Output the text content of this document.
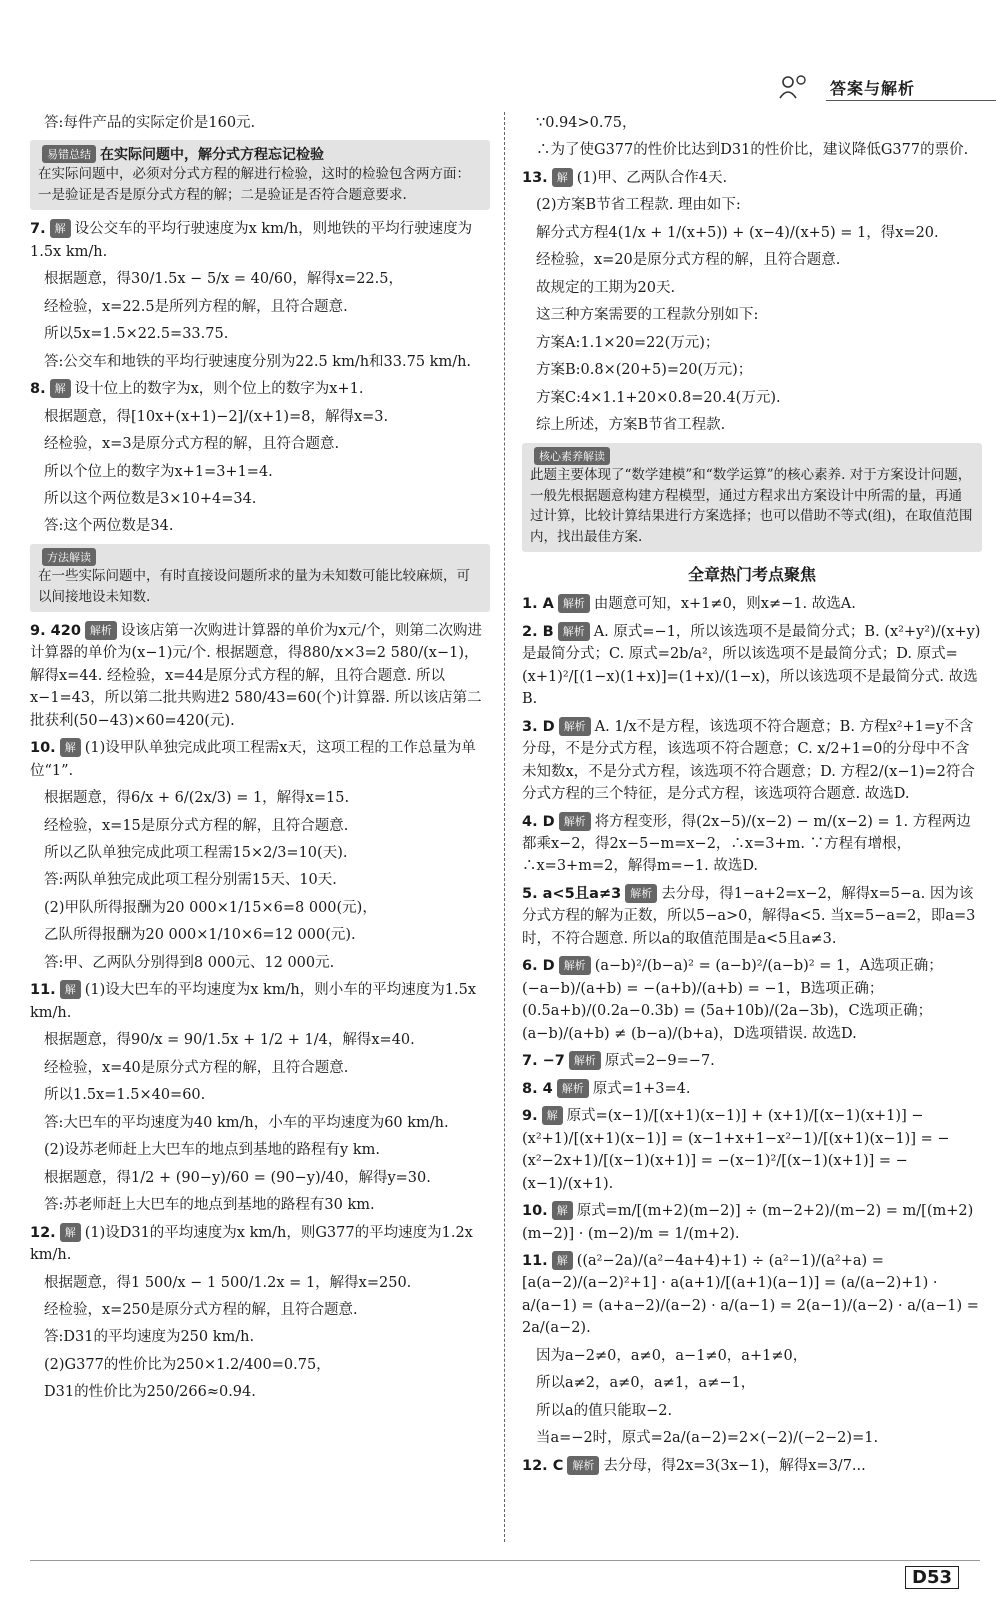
答案与解析
答:每件产品的实际定价是160元.
易错总结 在实际问题中，解分式方程忘记检验
在实际问题中，必须对分式方程的解进行检验，这时的检验包含两方面：一是验证是否是原分式方程的解；二是验证是否符合题意要求.
7. 解 设公交车的平均行驶速度为x km/h，则地铁的平均行驶速度为1.5x km/h.
根据题意，得30/1.5x − 5/x = 40/60，解得x=22.5，
经检验，x=22.5是所列方程的解，且符合题意.
所以5x=1.5×22.5=33.75.
答:公交车和地铁的平均行驶速度分别为22.5 km/h和33.75 km/h.
8. 解 设十位上的数字为x，则个位上的数字为x+1.
根据题意，得[10x+(x+1)−2]/(x+1)=8，解得x=3.
经检验，x=3是原分式方程的解，且符合题意.
所以个位上的数字为x+1=3+1=4.
所以这个两位数是3×10+4=34.
答:这个两位数是34.
方法解读
在一些实际问题中，有时直接设问题所求的量为未知数可能比较麻烦，可以间接地设未知数.
9. 420 解析 设该店第一次购进计算器的单价为x元/个，则第二次购进计算器的单价为(x−1)元/个. 根据题意，得880/x×3=2 580/(x−1)，解得x=44. 经检验，x=44是原分式方程的解，且符合题意. 所以x−1=43，所以第二批共购进2 580/43=60(个)计算器. 所以该店第二批获利(50−43)×60=420(元).
10. 解 (1)设甲队单独完成此项工程需x天，这项工程的工作总量为单位“1”.
根据题意，得6/x + 6/(2x/3) = 1，解得x=15.
经检验，x=15是原分式方程的解，且符合题意.
所以乙队单独完成此项工程需15×2/3=10(天).
答:两队单独完成此项工程分别需15天、10天.
(2)甲队所得报酬为20 000×1/15×6=8 000(元)，
乙队所得报酬为20 000×1/10×6=12 000(元).
答:甲、乙两队分别得到8 000元、12 000元.
11. 解 (1)设大巴车的平均速度为x km/h，则小车的平均速度为1.5x km/h.
根据题意，得90/x = 90/1.5x + 1/2 + 1/4，解得x=40.
经检验，x=40是原分式方程的解，且符合题意.
所以1.5x=1.5×40=60.
答:大巴车的平均速度为40 km/h，小车的平均速度为60 km/h.
(2)设苏老师赶上大巴车的地点到基地的路程有y km.
根据题意，得1/2 + (90−y)/60 = (90−y)/40，解得y=30.
答:苏老师赶上大巴车的地点到基地的路程有30 km.
12. 解 (1)设D31的平均速度为x km/h，则G377的平均速度为1.2x km/h.
根据题意，得1 500/x − 1 500/1.2x = 1，解得x=250.
经检验，x=250是原分式方程的解，且符合题意.
答:D31的平均速度为250 km/h.
(2)G377的性价比为250×1.2/400=0.75，
D31的性价比为250/266≈0.94.
∵0.94>0.75，
∴为了使G377的性价比达到D31的性价比，建议降低G377的票价.
13. 解 (1)甲、乙两队合作4天.
(2)方案B节省工程款. 理由如下:
解分式方程4(1/x + 1/(x+5)) + (x−4)/(x+5) = 1，得x=20.
经检验，x=20是原分式方程的解，且符合题意.
故规定的工期为20天.
这三种方案需要的工程款分别如下:
方案A:1.1×20=22(万元)；
方案B:0.8×(20+5)=20(万元)；
方案C:4×1.1+20×0.8=20.4(万元).
综上所述，方案B节省工程款.
核心素养解读
此题主要体现了“数学建模”和“数学运算”的核心素养. 对于方案设计问题，一般先根据题意构建方程模型，通过方程求出方案设计中所需的量，再通过计算，比较计算结果进行方案选择；也可以借助不等式(组)，在取值范围内，找出最佳方案.
全章热门考点聚焦
1. A 解析 由题意可知，x+1≠0，则x≠−1. 故选A.
2. B 解析 A. 原式=−1，所以该选项不是最简分式；B. (x²+y²)/(x+y)是最简分式；C. 原式=2b/a²，所以该选项不是最简分式；D. 原式=(x+1)²/[(1−x)(1+x)]=(1+x)/(1−x)，所以该选项不是最简分式. 故选B.
3. D 解析 A. 1/x不是方程，该选项不符合题意；B. 方程x²+1=y不含分母，不是分式方程，该选项不符合题意；C. x/2+1=0的分母中不含未知数x，不是分式方程，该选项不符合题意；D. 方程2/(x−1)=2符合分式方程的三个特征，是分式方程，该选项符合题意. 故选D.
4. D 解析 将方程变形，得(2x−5)/(x−2) − m/(x−2) = 1. 方程两边都乘x−2，得2x−5−m=x−2，∴x=3+m. ∵方程有增根，∴x=3+m=2，解得m=−1. 故选D.
5. a<5且a≠3 解析 去分母，得1−a+2=x−2，解得x=5−a. 因为该分式方程的解为正数，所以5−a>0，解得a<5. 当x=5−a=2，即a=3时，不符合题意. 所以a的取值范围是a<5且a≠3.
6. D 解析 (a−b)²/(b−a)² = (a−b)²/(a−b)² = 1，A选项正确；(−a−b)/(a+b) = −(a+b)/(a+b) = −1，B选项正确；(0.5a+b)/(0.2a−0.3b) = (5a+10b)/(2a−3b)，C选项正确；(a−b)/(a+b) ≠ (b−a)/(b+a)，D选项错误. 故选D.
7. −7 解析 原式=2−9=−7.
8. 4 解析 原式=1+3=4.
9. 解 原式=(x−1)/[(x+1)(x−1)] + (x+1)/[(x−1)(x+1)] − (x²+1)/[(x+1)(x−1)] = (x−1+x+1−x²−1)/[(x+1)(x−1)] = −(x²−2x+1)/[(x−1)(x+1)] = −(x−1)²/[(x−1)(x+1)] = −(x−1)/(x+1).
10. 解 原式=m/[(m+2)(m−2)] ÷ (m−2+2)/(m−2) = m/[(m+2)(m−2)] · (m−2)/m = 1/(m+2).
11. 解 ((a²−2a)/(a²−4a+4)+1) ÷ (a²−1)/(a²+a) = [a(a−2)/(a−2)²+1] · a(a+1)/[(a+1)(a−1)] = (a/(a−2)+1) · a/(a−1) = (a+a−2)/(a−2) · a/(a−1) = 2(a−1)/(a−2) · a/(a−1) = 2a/(a−2).
因为a−2≠0，a≠0，a−1≠0，a+1≠0，
所以a≠2，a≠0，a≠1，a≠−1，
所以a的值只能取−2.
当a=−2时，原式=2a/(a−2)=2×(−2)/(−2−2)=1.
12. C 解析 去分母，得2x=3(3x−1)，解得x=3/7...
D53
